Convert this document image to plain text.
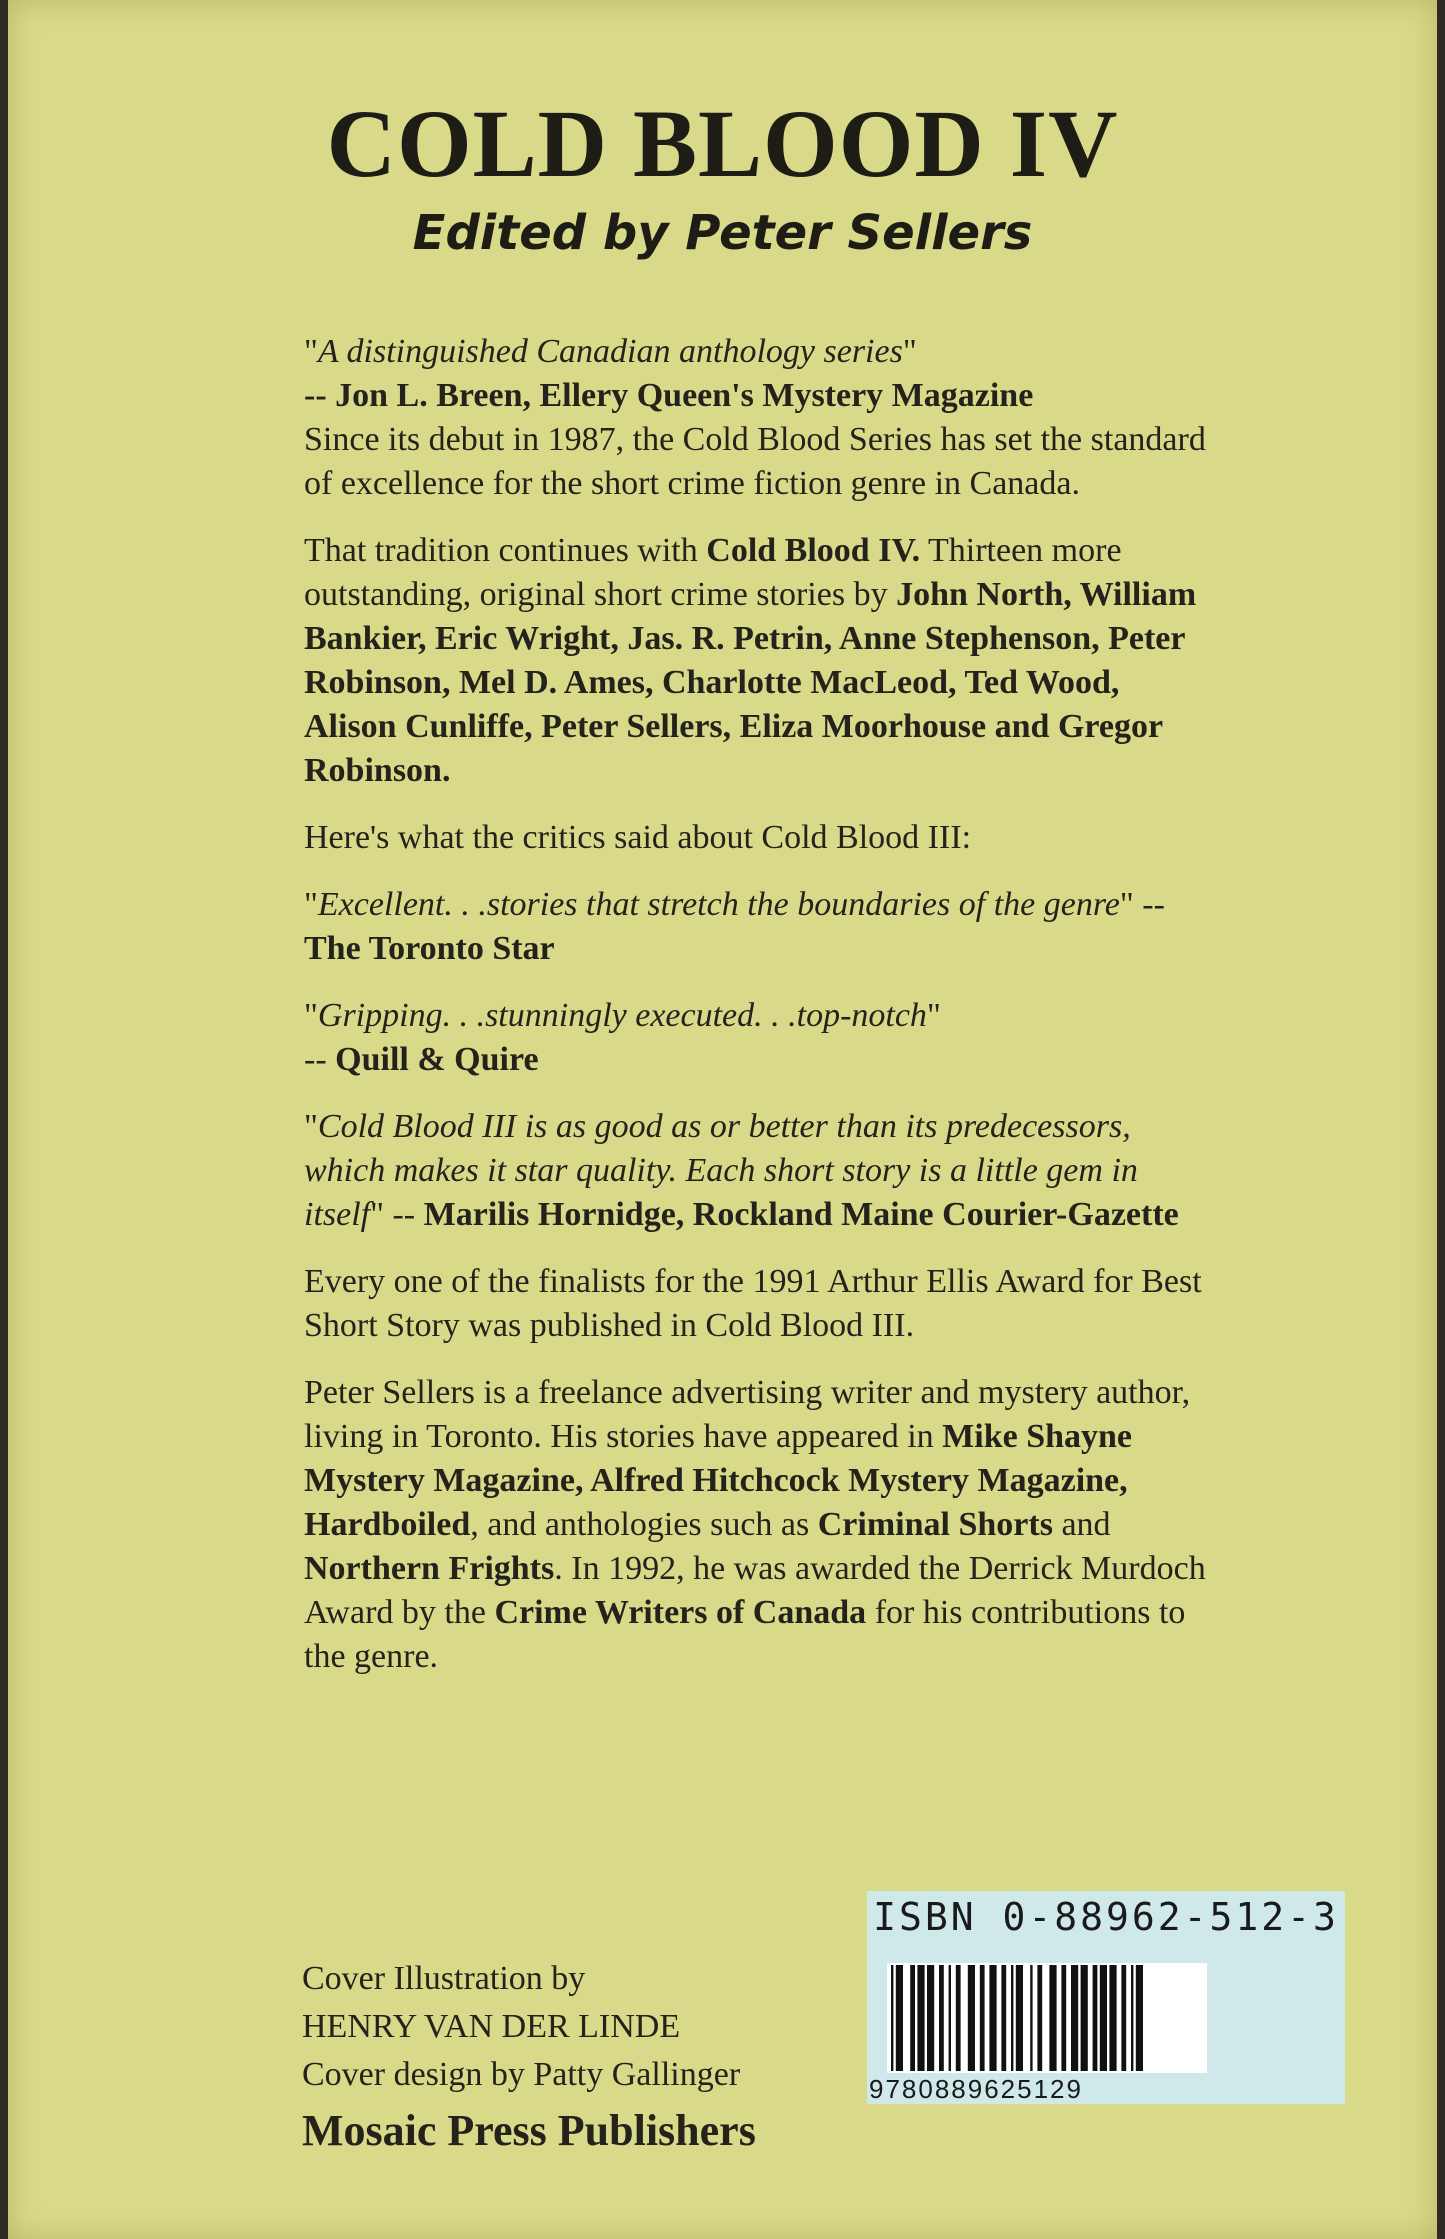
COLD BLOOD IV
Edited by Peter Sellers

"A distinguished Canadian anthology series"
-- Jon L. Breen, Ellery Queen's Mystery Magazine
Since its debut in 1987, the Cold Blood Series has set the standard of excellence for the short crime fiction genre in Canada.

That tradition continues with Cold Blood IV. Thirteen more outstanding, original short crime stories by John North, William Bankier, Eric Wright, Jas. R. Petrin, Anne Stephenson, Peter Robinson, Mel D. Ames, Charlotte MacLeod, Ted Wood, Alison Cunliffe, Peter Sellers, Eliza Moorhouse and Gregor Robinson.

Here's what the critics said about Cold Blood III:

"Excellent. . .stories that stretch the boundaries of the genre" -- The Toronto Star

"Gripping. . .stunningly executed. . .top-notch"
-- Quill & Quire

"Cold Blood III is as good as or better than its predecessors, which makes it star quality. Each short story is a little gem in itself" -- Marilis Hornidge, Rockland Maine Courier-Gazette

Every one of the finalists for the 1991 Arthur Ellis Award for Best Short Story was published in Cold Blood III.

Peter Sellers is a freelance advertising writer and mystery author, living in Toronto. His stories have appeared in Mike Shayne Mystery Magazine, Alfred Hitchcock Mystery Magazine, Hardboiled, and anthologies such as Criminal Shorts and Northern Frights. In 1992, he was awarded the Derrick Murdoch Award by the Crime Writers of Canada for his contributions to the genre.

Cover Illustration by
HENRY VAN DER LINDE
Cover design by Patty Gallinger
Mosaic Press Publishers
ISBN 0-88962-512-3
9780889625129
